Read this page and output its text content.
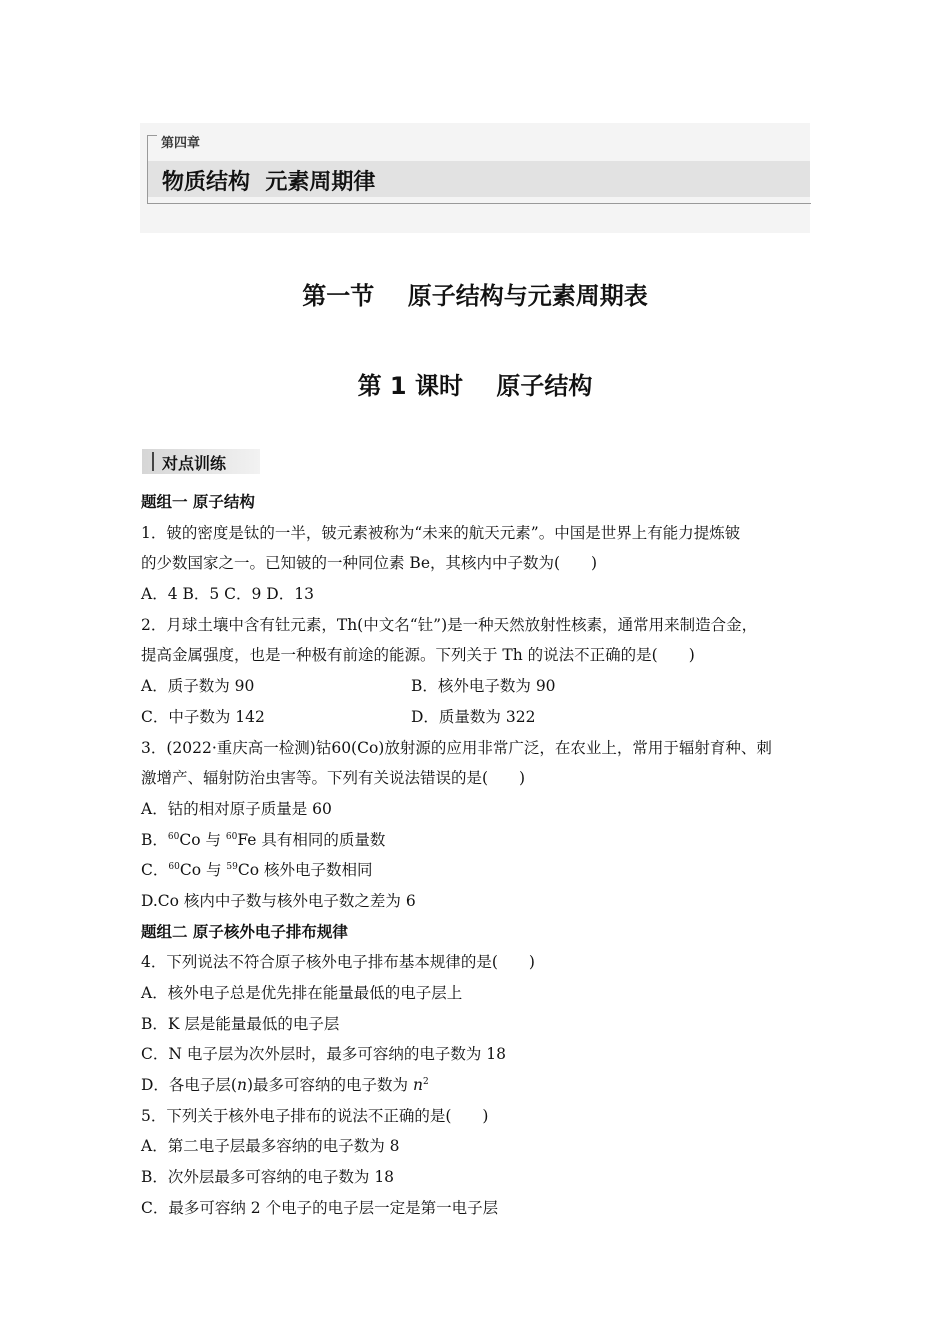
第四章
物质结构  元素周期律
第一节    原子结构与元素周期表
第 1 课时    原子结构
对点训练
题组一 原子结构
1．铍的密度是钛的一半，铍元素被称为“未来的航天元素”。中国是世界上有能力提炼铍
的少数国家之一。已知铍的一种同位素 Be，其核内中子数为(　　)
A．4 B．5 C．9 D．13
2．月球土壤中含有钍元素，Th(中文名“钍”)是一种天然放射性核素，通常用来制造合金，
提高金属强度，也是一种极有前途的能源。下列关于 Th 的说法不正确的是(　　)
A．质子数为 90	B．核外电子数为 90
C．中子数为 142	D．质量数为 322
3．(2022·重庆高一检测)钴60(Co)放射源的应用非常广泛，在农业上，常用于辐射育种、刺
激增产、辐射防治虫害等。下列有关说法错误的是(　　)
A．钴的相对原子质量是 60
B．$^{60}$Co 与 $^{60}$Fe 具有相同的质量数
C．$^{60}$Co 与 $^{59}$Co 核外电子数相同
D.Co 核内中子数与核外电子数之差为 6
题组二 原子核外电子排布规律
4．下列说法不符合原子核外电子排布基本规律的是(　　)
A．核外电子总是优先排在能量最低的电子层上
B．K 层是能量最低的电子层
C．N 电子层为次外层时，最多可容纳的电子数为 18
D．各电子层(n)最多可容纳的电子数为 $n^2$
5．下列关于核外电子排布的说法不正确的是(　　)
A．第二电子层最多容纳的电子数为 8
B．次外层最多可容纳的电子数为 18
C．最多可容纳 2 个电子的电子层一定是第一电子层
